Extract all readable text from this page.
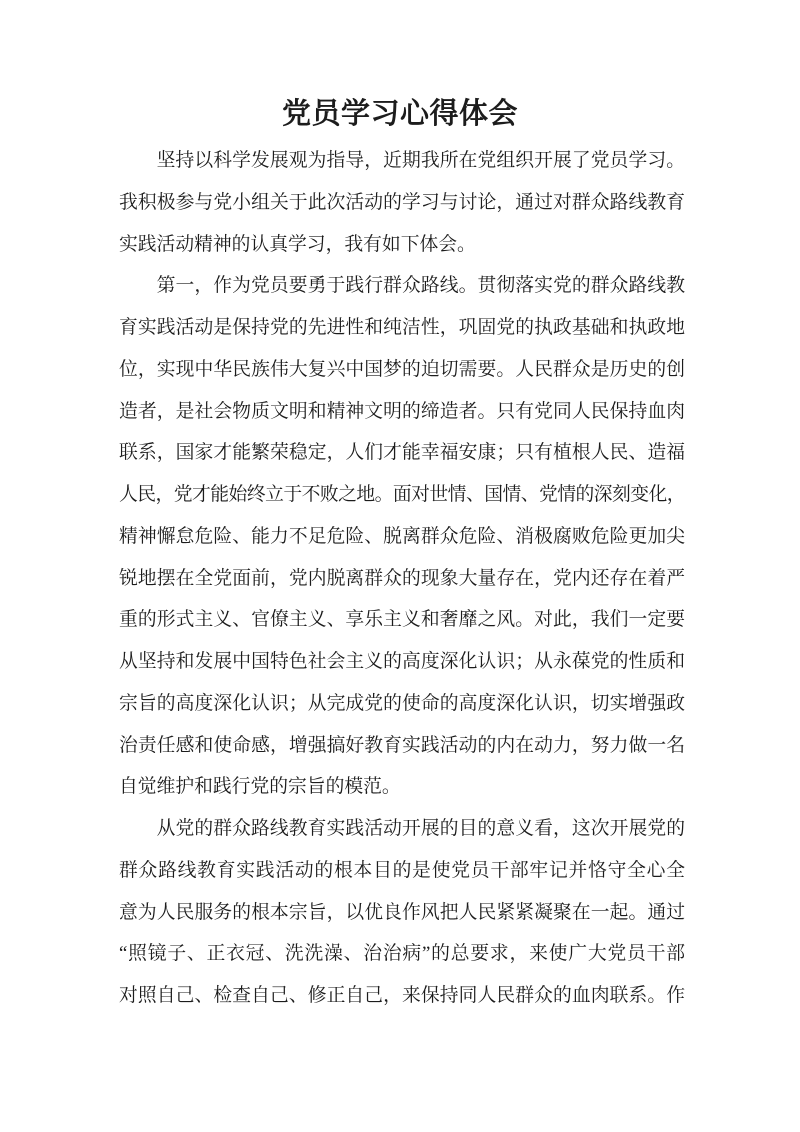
党员学习心得体会
坚持以科学发展观为指导，近期我所在党组织开展了党员学习。
我积极参与党小组关于此次活动的学习与讨论，通过对群众路线教育
实践活动精神的认真学习，我有如下体会。
第一，作为党员要勇于践行群众路线。贯彻落实党的群众路线教
育实践活动是保持党的先进性和纯洁性，巩固党的执政基础和执政地
位，实现中华民族伟大复兴中国梦的迫切需要。人民群众是历史的创
造者，是社会物质文明和精神文明的缔造者。只有党同人民保持血肉
联系，国家才能繁荣稳定，人们才能幸福安康；只有植根人民、造福
人民，党才能始终立于不败之地。面对世情、国情、党情的深刻变化，
精神懈怠危险、能力不足危险、脱离群众危险、消极腐败危险更加尖
锐地摆在全党面前，党内脱离群众的现象大量存在，党内还存在着严
重的形式主义、官僚主义、享乐主义和奢靡之风。对此，我们一定要
从坚持和发展中国特色社会主义的高度深化认识；从永葆党的性质和
宗旨的高度深化认识；从完成党的使命的高度深化认识，切实增强政
治责任感和使命感，增强搞好教育实践活动的内在动力，努力做一名
自觉维护和践行党的宗旨的模范。
从党的群众路线教育实践活动开展的目的意义看，这次开展党的
群众路线教育实践活动的根本目的是使党员干部牢记并恪守全心全
意为人民服务的根本宗旨，以优良作风把人民紧紧凝聚在一起。通过
“照镜子、正衣冠、洗洗澡、治治病”的总要求，来使广大党员干部
对照自己、检查自己、修正自己，来保持同人民群众的血肉联系。作
